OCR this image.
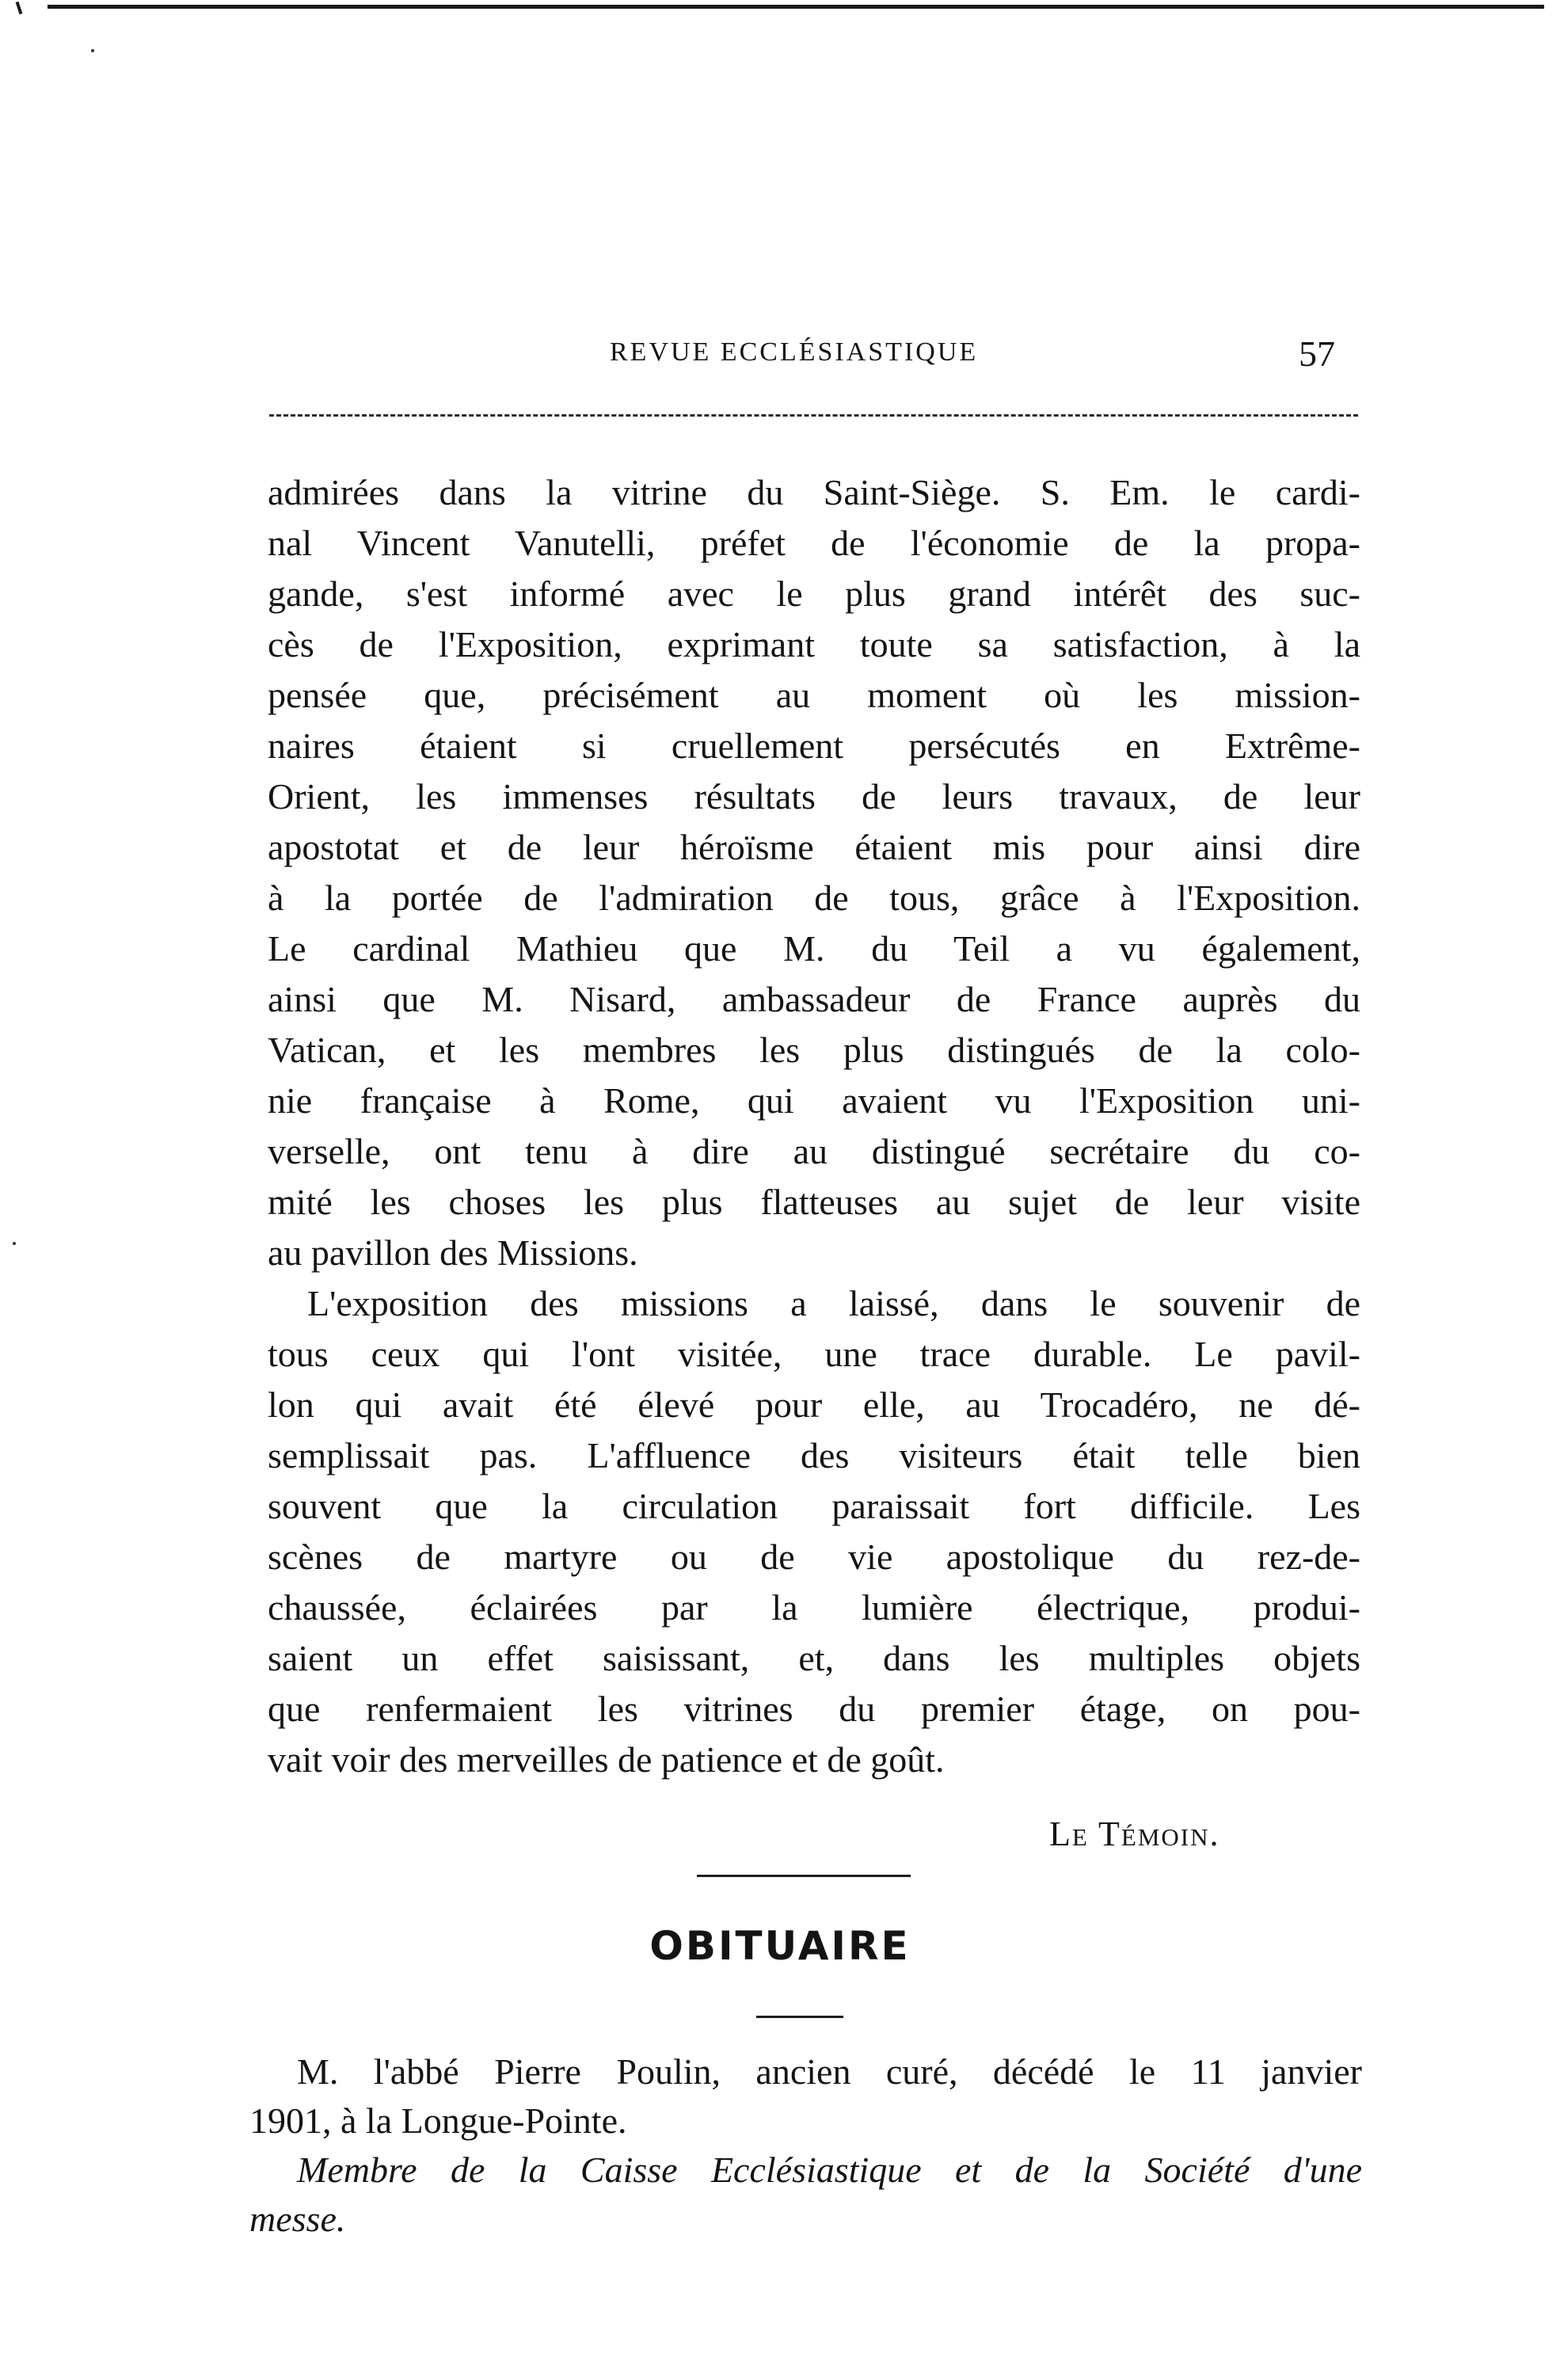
REVUE ECCLÉSIASTIQUE	57
admirées dans la vitrine du Saint-Siège. S. Em. le cardi-
nal Vincent Vanutelli, préfet de l'économie de la propa-
gande, s'est informé avec le plus grand intérêt des suc-
cès de l'Exposition, exprimant toute sa satisfaction, à la
pensée que, précisément au moment où les mission-
naires étaient si cruellement persécutés en Extrême-
Orient, les immenses résultats de leurs travaux, de leur
apostotat et de leur héroïsme étaient mis pour ainsi dire
à la portée de l'admiration de tous, grâce à l'Exposition.
Le cardinal Mathieu que M. du Teil a vu également,
ainsi que M. Nisard, ambassadeur de France auprès du
Vatican, et les membres les plus distingués de la colo-
nie française à Rome, qui avaient vu l'Exposition uni-
verselle, ont tenu à dire au distingué secrétaire du co-
mité les choses les plus flatteuses au sujet de leur visite
au pavillon des Missions.
L'exposition des missions a laissé, dans le souvenir de
tous ceux qui l'ont visitée, une trace durable. Le pavil-
lon qui avait été élevé pour elle, au Trocadéro, ne dé-
semplissait pas. L'affluence des visiteurs était telle bien
souvent que la circulation paraissait fort difficile. Les
scènes de martyre ou de vie apostolique du rez-de-
chaussée, éclairées par la lumière électrique, produi-
saient un effet saisissant, et, dans les multiples objets
que renfermaient les vitrines du premier étage, on pou-
vait voir des merveilles de patience et de goût.
Le Témoin.
OBITUAIRE
M. l'abbé Pierre Poulin, ancien curé, décédé le 11 janvier
1901, à la Longue-Pointe.
Membre de la Caisse Ecclésiastique et de la Société d'une
messe.
